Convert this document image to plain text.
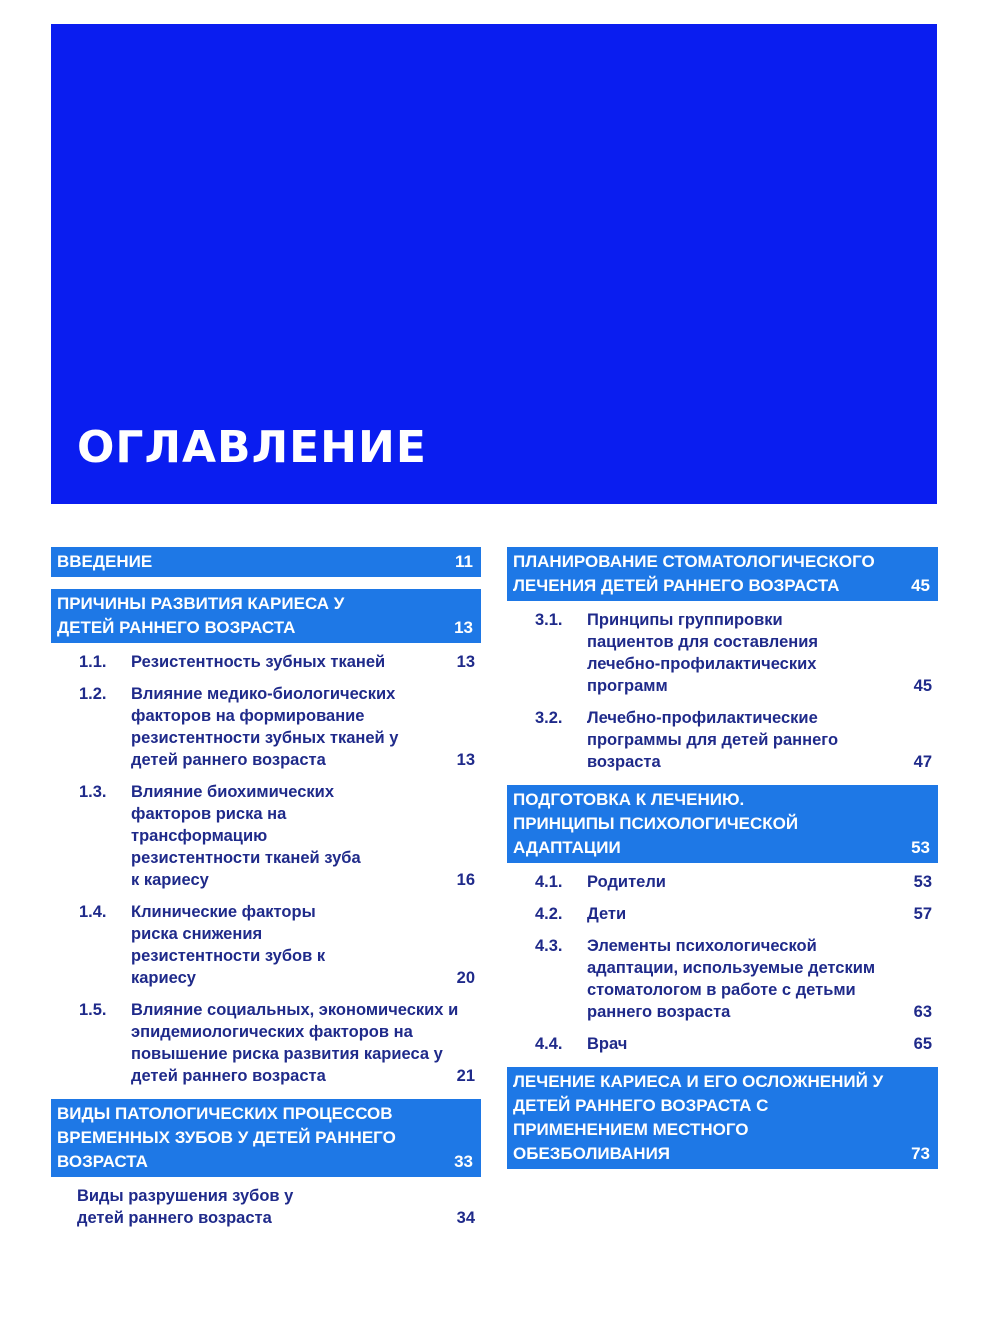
ОГЛАВЛЕНИЕ
ВВЕДЕНИЕ	11
ПРИЧИНЫ РАЗВИТИЯ КАРИЕСА У ДЕТЕЙ РАННЕГО ВОЗРАСТА	13
1.1. Резистентность зубных тканей	13
1.2. Влияние медико-биологических факторов на формирование резистентности зубных тканей у детей раннего возраста	13
1.3. Влияние биохимических факторов риска на трансформацию резистентности тканей зуба к кариесу	16
1.4. Клинические факторы риска снижения резистентности зубов к кариесу	20
1.5. Влияние социальных, экономических и эпидемиологических факторов на повышение риска развития кариеса у детей раннего возраста	21
ВИДЫ ПАТОЛОГИЧЕСКИХ ПРОЦЕССОВ ВРЕМЕННЫХ ЗУБОВ У ДЕТЕЙ РАННЕГО ВОЗРАСТА	33
Виды разрушения зубов у детей раннего возраста	34
ПЛАНИРОВАНИЕ СТОМАТОЛОГИЧЕСКОГО ЛЕЧЕНИЯ ДЕТЕЙ РАННЕГО ВОЗРАСТА	45
3.1. Принципы группировки пациентов для составления лечебно-профилактических программ	45
3.2. Лечебно-профилактические программы для детей раннего возраста	47
ПОДГОТОВКА К ЛЕЧЕНИЮ. ПРИНЦИПЫ ПСИХОЛОГИЧЕСКОЙ АДАПТАЦИИ	53
4.1. Родители	53
4.2. Дети	57
4.3. Элементы психологической адаптации, используемые детским стоматологом в работе с детьми раннего возраста	63
4.4. Врач	65
ЛЕЧЕНИЕ КАРИЕСА И ЕГО ОСЛОЖНЕНИЙ У ДЕТЕЙ РАННЕГО ВОЗРАСТА С ПРИМЕНЕНИЕМ МЕСТНОГО ОБЕЗБОЛИВАНИЯ	73
